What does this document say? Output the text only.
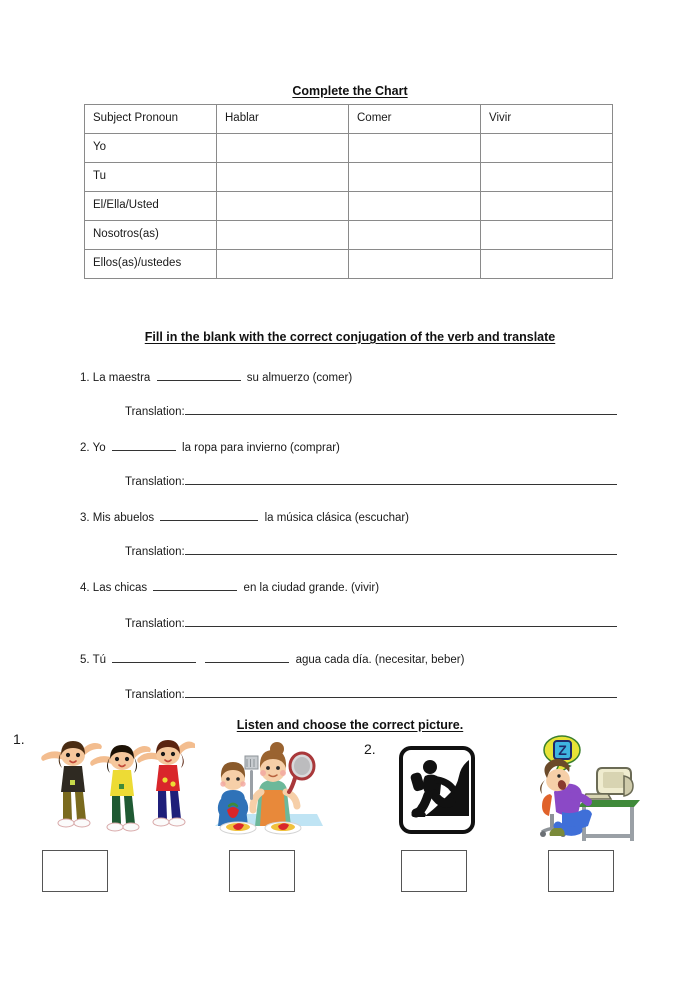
Complete the Chart
Subject Pronoun	Hablar	Comer	Vivir
Yo			
Tu			
El/Ella/Usted			
Nosotros(as)			
Ellos(as)/ustedes			
Fill in the blank with the correct conjugation of the verb and translate
1. La maestra	su almuerzo (comer)
Translation:
2. Yo	la ropa para invierno (comprar)
Translation:
3. Mis abuelos	la música clásica (escuchar)
Translation:
4. Las chicas	en la ciudad grande. (vivir)
Translation:
5. Tú	agua cada día. (necesitar, beber)
Translation:
Listen and choose the correct picture.
1.
2.	Z
